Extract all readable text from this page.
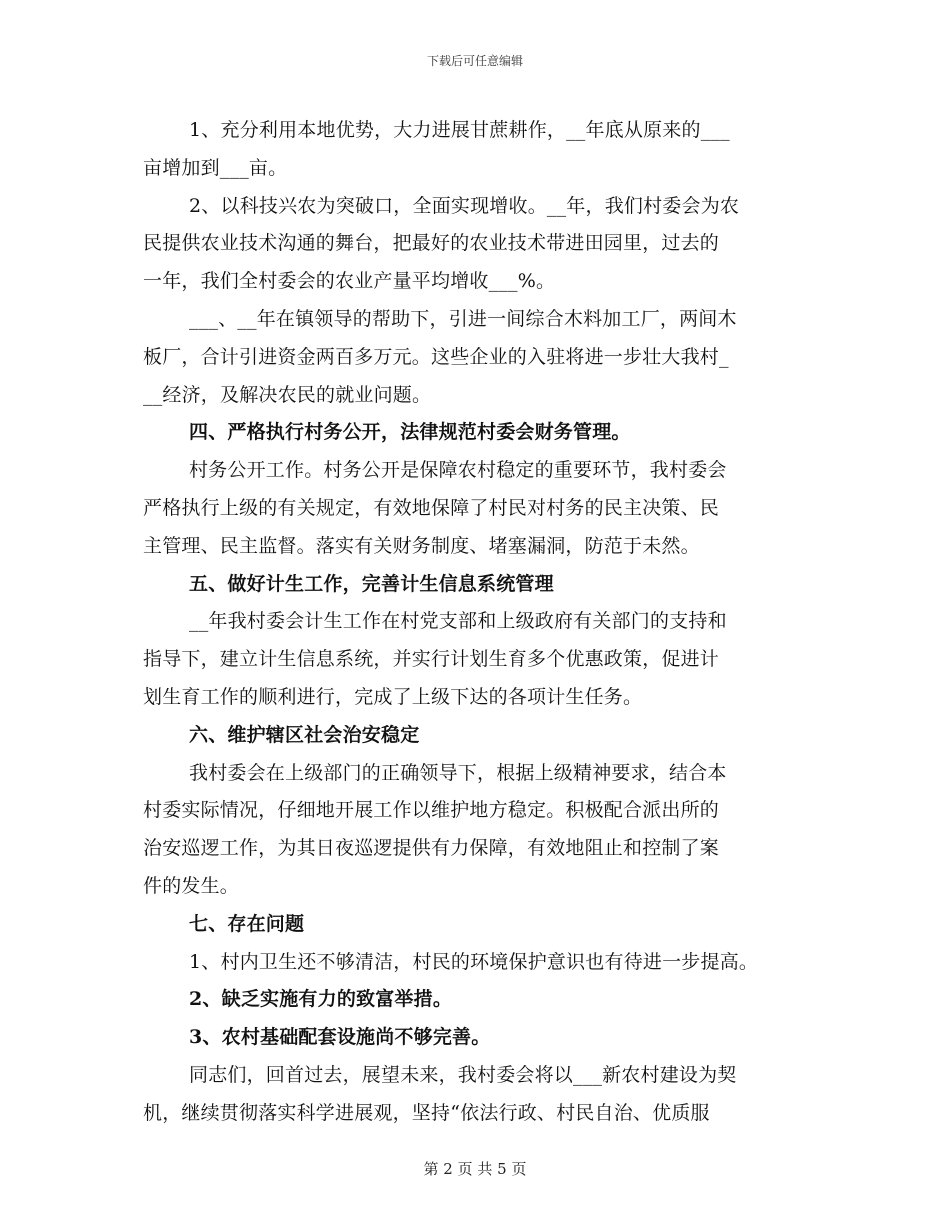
下载后可任意编辑
1、充分利用本地优势，大力进展甘蔗耕作，__年底从原来的___
亩增加到___亩。
2、以科技兴农为突破口，全面实现增收。__年，我们村委会为农
民提供农业技术沟通的舞台，把最好的农业技术带进田园里，过去的
一年，我们全村委会的农业产量平均增收___%。
___、__年在镇领导的帮助下，引进一间综合木料加工厂，两间木
板厂，合计引进资金两百多万元。这些企业的入驻将进一步壮大我村_
__经济，及解决农民的就业问题。
四、严格执行村务公开，法律规范村委会财务管理。
村务公开工作。村务公开是保障农村稳定的重要环节，我村委会
严格执行上级的有关规定，有效地保障了村民对村务的民主决策、民
主管理、民主监督。落实有关财务制度、堵塞漏洞，防范于未然。
五、做好计生工作，完善计生信息系统管理
__年我村委会计生工作在村党支部和上级政府有关部门的支持和
指导下，建立计生信息系统，并实行计划生育多个优惠政策，促进计
划生育工作的顺利进行，完成了上级下达的各项计生任务。
六、维护辖区社会治安稳定
我村委会在上级部门的正确领导下，根据上级精神要求，结合本
村委实际情况，仔细地开展工作以维护地方稳定。积极配合派出所的
治安巡逻工作，为其日夜巡逻提供有力保障，有效地阻止和控制了案
件的发生。
七、存在问题
1、村内卫生还不够清洁，村民的环境保护意识也有待进一步提高。
2、缺乏实施有力的致富举措。
3、农村基础配套设施尚不够完善。
同志们，回首过去，展望未来，我村委会将以___新农村建设为契
机，继续贯彻落实科学进展观，坚持“依法行政、村民自治、优质服
第 2 页 共 5 页
